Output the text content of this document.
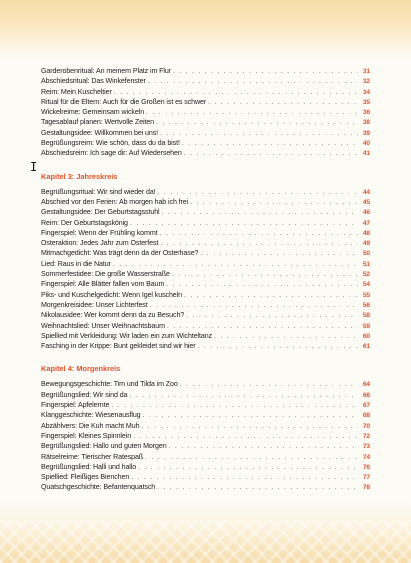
Garderobenritual: An meinem Platz im Flur . . .	31
Abschiedsritual: Das Winkefenster . . .	32
Reim: Mein Kuscheltier . . .	34
Ritual für die Eltern: Auch für die Großen ist es schwer . . .	35
Wickelreime: Gemeinsam wickeln . . .	36
Tagesablauf planen: Wertvolle Zeiten . . .	38
Gestaltungsidee: Willkommen bei uns! . . .	39
Begrüßungsreim: Wie schön, dass du da bist! . . .	40
Abschiedsreim: Ich sage dir: Auf Wiedersehen . . .	41
Kapitel 3: Jahreskreis
Begrüßungsritual: Wir sind wieder da! . . .	44
Abschied vor den Ferien: Ab morgen hab ich frei . . .	45
Gestaltungsidee: Der Geburtstagsstuhl . . .	46
Reim: Der Geburtstagskönig . . .	47
Fingerspiel: Wenn der Frühling kommt . . .	48
Osteraktion: Jedes Jahr zum Osterfest . . .	49
Mitmachgedicht: Was trägt denn da der Osterhase? . . .	50
Lied: Raus in die Natur . . .	51
Sommerfestidee: Die große Wasserstraße . . .	52
Fingerspiel: Alle Blätter fallen vom Baum . . .	54
Piks- und Kuschelgedicht: Wenn Igel kuscheln . . .	55
Morgenkreisidee: Unser Lichterfest . . .	56
Nikolausidee: Wer kommt denn da zu Besuch? . . .	58
Weihnachtslied: Unser Weihnachtsbaum . . .	59
Spiellied mit Verkleidung: Wir laden ein zum Wichteltanz . . .	60
Fasching in der Krippe: Bunt gekleidet sind wir hier . . .	61
Kapitel 4: Morgenkreis
Bewegungsgeschichte: Tim und Tilda im Zoo . . .	64
Begrüßungslied: Wir sind da . . .	66
Fingerspiel: Apfelernte . . .	67
Klanggeschichte: Wiesenausflug . . .	68
Abzählvers: Die Kuh macht Muh . . .	70
Fingerspiel: Kleines Spinnlein . . .	72
Begrüßungslied: Hallo und guten Morgen . . .	73
Rätselreime: Tierischer Ratespaß . . .	74
Begrüßungslied: Halli und hallo . . .	76
Spiellied: Fleißiges Bienchen . . .	77
Quatschgeschichte: Befantenquatsch . . .	78
I
